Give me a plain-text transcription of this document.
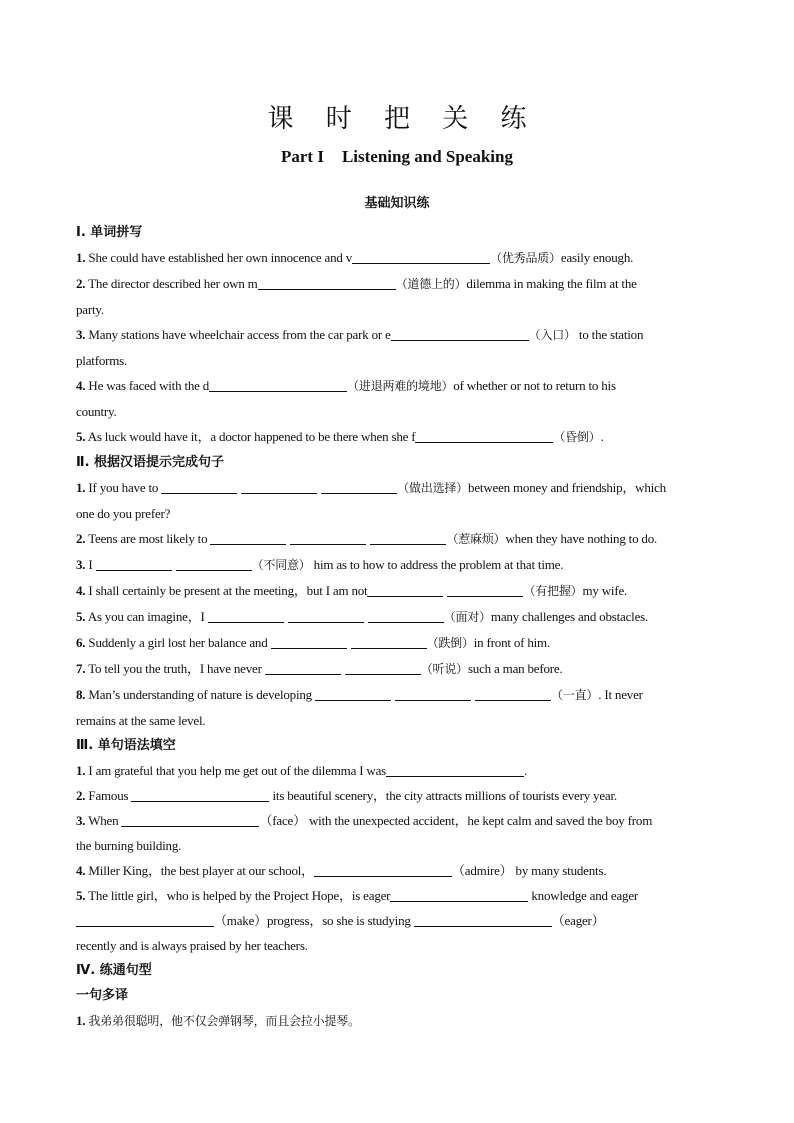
课 时 把 关 练
Part I Listening and Speaking
基础知识练
Ⅰ. 单词拼写
1. She could have established her own innocence and v	（优秀品质）easily enough.
2. The director described her own m	（道德上的）dilemma in making the film at the
party.
3. Many stations have wheelchair access from the car park or e	（入口） to the station
platforms.
4. He was faced with the d	（进退两难的境地）of whether or not to return to his
country.
5. As luck would have it，a doctor happened to be there when she f	（昏倒）.
Ⅱ. 根据汉语提示完成句子
1. If you have to	（做出选择）between money and friendship，which
one do you prefer?
2. Teens are most likely to	（惹麻烦）when they have nothing to do.
3. I	（不同意） him as to how to address the problem at that time.
4. I shall certainly be present at the meeting，but I am not	（有把握）my wife.
5. As you can imagine，I	（面对）many challenges and obstacles.
6. Suddenly a girl lost her balance and	（跌倒）in front of him.
7. To tell you the truth，I have never	（听说）such a man before.
8. Man’s understanding of nature is developing	（一直）. It never
remains at the same level.
Ⅲ. 单句语法填空
1. I am grateful that you help me get out of the dilemma I was	.
2. Famous	its beautiful scenery，the city attracts millions of tourists every year.
3. When	（face） with the unexpected accident，he kept calm and saved the boy from
the burning building.
4. Miller King，the best player at our school，	（admire） by many students.
5. The little girl，who is helped by the Project Hope，is eager	knowledge and eager
（make）progress，so she is studying	（eager）
recently and is always praised by her teachers.
Ⅳ. 练通句型
一句多译
1. 我弟弟很聪明，他不仅会弹钢琴，而且会拉小提琴。
